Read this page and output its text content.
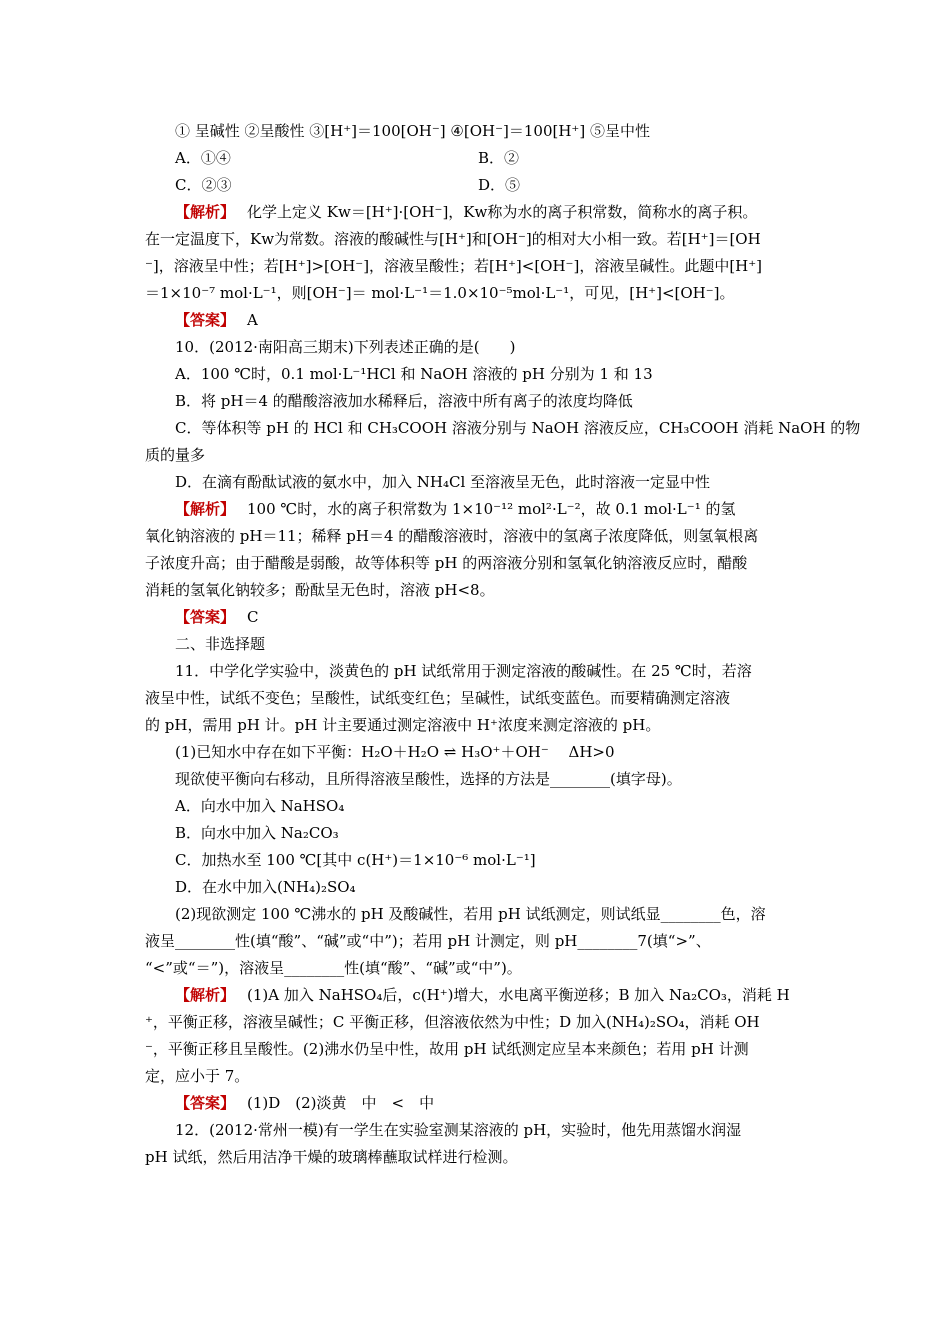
① 呈碱性 ②呈酸性 ③[H⁺]＝100[OH⁻] ④[OH⁻]＝100[H⁺] ⑤呈中性
A．①④	B．②
C．②③	D．⑤
【解析】 化学上定义 Kw＝[H⁺]·[OH⁻]，Kw称为水的离子积常数，简称水的离子积。
在一定温度下，Kw为常数。溶液的酸碱性与[H⁺]和[OH⁻]的相对大小相一致。若[H⁺]＝[OH
⁻]，溶液呈中性；若[H⁺]>[OH⁻]，溶液呈酸性；若[H⁺]<[OH⁻]，溶液呈碱性。此题中[H⁺]
＝1×10⁻⁷ mol·L⁻¹，则[OH⁻]＝ mol·L⁻¹＝1.0×10⁻⁵mol·L⁻¹，可见，[H⁺]<[OH⁻]。
【答案】 A
10．(2012·南阳高三期末)下列表述正确的是(　　)
A．100 ℃时，0.1 mol·L⁻¹HCl 和 NaOH 溶液的 pH 分别为 1 和 13
B．将 pH＝4 的醋酸溶液加水稀释后，溶液中所有离子的浓度均降低
C．等体积等 pH 的 HCl 和 CH₃COOH 溶液分别与 NaOH 溶液反应，CH₃COOH 消耗 NaOH 的物
质的量多
D．在滴有酚酞试液的氨水中，加入 NH₄Cl 至溶液呈无色，此时溶液一定显中性
【解析】 100 ℃时，水的离子积常数为 1×10⁻¹² mol²·L⁻²，故 0.1 mol·L⁻¹ 的氢
氧化钠溶液的 pH＝11；稀释 pH＝4 的醋酸溶液时，溶液中的氢离子浓度降低，则氢氧根离
子浓度升高；由于醋酸是弱酸，故等体积等 pH 的两溶液分别和氢氧化钠溶液反应时，醋酸
消耗的氢氧化钠较多；酚酞呈无色时，溶液 pH<8。
【答案】 C
二、非选择题
11．中学化学实验中，淡黄色的 pH 试纸常用于测定溶液的酸碱性。在 25 ℃时，若溶
液呈中性，试纸不变色；呈酸性，试纸变红色；呈碱性，试纸变蓝色。而要精确测定溶液
的 pH，需用 pH 计。pH 计主要通过测定溶液中 H⁺浓度来测定溶液的 pH。
(1)已知水中存在如下平衡：H₂O＋H₂O ⇌ H₃O⁺＋OH⁻　 ΔH>0
现欲使平衡向右移动，且所得溶液呈酸性，选择的方法是________(填字母)。
A．向水中加入 NaHSO₄
B．向水中加入 Na₂CO₃
C．加热水至 100 ℃[其中 c(H⁺)＝1×10⁻⁶ mol·L⁻¹]
D．在水中加入(NH₄)₂SO₄
(2)现欲测定 100 ℃沸水的 pH 及酸碱性，若用 pH 试纸测定，则试纸显________色，溶
液呈________性(填“酸”、“碱”或“中”)；若用 pH 计测定，则 pH________7(填“>”、
“<”或“＝”)，溶液呈________性(填“酸”、“碱”或“中”)。
【解析】 (1)A 加入 NaHSO₄后，c(H⁺)增大，水电离平衡逆移；B 加入 Na₂CO₃，消耗 H
⁺，平衡正移，溶液呈碱性；C 平衡正移，但溶液依然为中性；D 加入(NH₄)₂SO₄，消耗 OH
⁻，平衡正移且呈酸性。(2)沸水仍呈中性，故用 pH 试纸测定应呈本来颜色；若用 pH 计测
定，应小于 7。
【答案】 (1)D　(2)淡黄　中　<　中
12．(2012·常州一模)有一学生在实验室测某溶液的 pH，实验时，他先用蒸馏水润湿
pH 试纸，然后用洁净干燥的玻璃棒蘸取试样进行检测。
